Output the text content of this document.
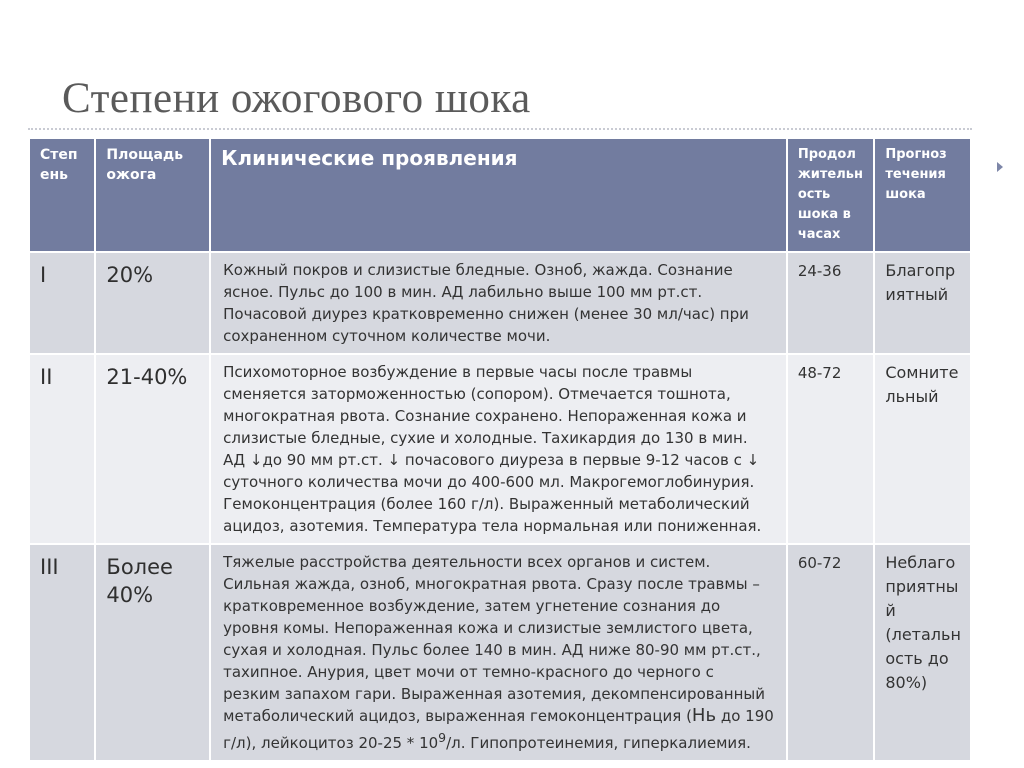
Степени ожогового шока
Степ ень	Площадь ожога	Клинические проявления	Продол жительн ость шока в часах	Прогноз течения шока
I	20%	Кожный покров и слизистые бледные. Озноб, жажда. Сознание ясное. Пульс до 100 в мин. АД лабильно выше 100 мм рт.ст. Почасовой диурез кратковременно снижен (менее 30 мл/час) при сохраненном суточном количестве мочи.	24-36	Благопр иятный
II	21-40%	Психомоторное возбуждение в первые часы после травмы сменяется заторможенностью (сопором). Отмечается тошнота, многократная рвота. Сознание сохранено. Непораженная кожа и слизистые бледные, сухие и холодные. Тахикардия до 130 в мин. АД ↓до 90 мм рт.ст. ↓ почасового диуреза в первые 9-12 часов с ↓ суточного количества мочи до 400-600 мл. Макрогемоглобинурия. Гемоконцентрация (более 160 г/л). Выраженный метаболический ацидоз, азотемия. Температура тела нормальная или пониженная.	48-72	Сомните льный
III	Более 40%	Тяжелые расстройства деятельности всех органов и систем. Сильная жажда, озноб, многократная рвота. Сразу после травмы – кратковременное возбуждение, затем угнетение сознания до уровня комы. Непораженная кожа и слизистые землистого цвета, сухая и холодная. Пульс более 140 в мин. АД ниже 80-90 мм рт.ст., тахипное. Анурия, цвет мочи от темно-красного до черного с резким запахом гари. Выраженная азотемия, декомпенсированный метаболический ацидоз, выраженная гемоконцентрация (Нь до 190 г/л), лейкоцитоз $20-25 * 10^9/л$. Гипопротеинемия, гиперкалиемия.	60-72	Неблаго приятны й (летальн ость до 80%)
